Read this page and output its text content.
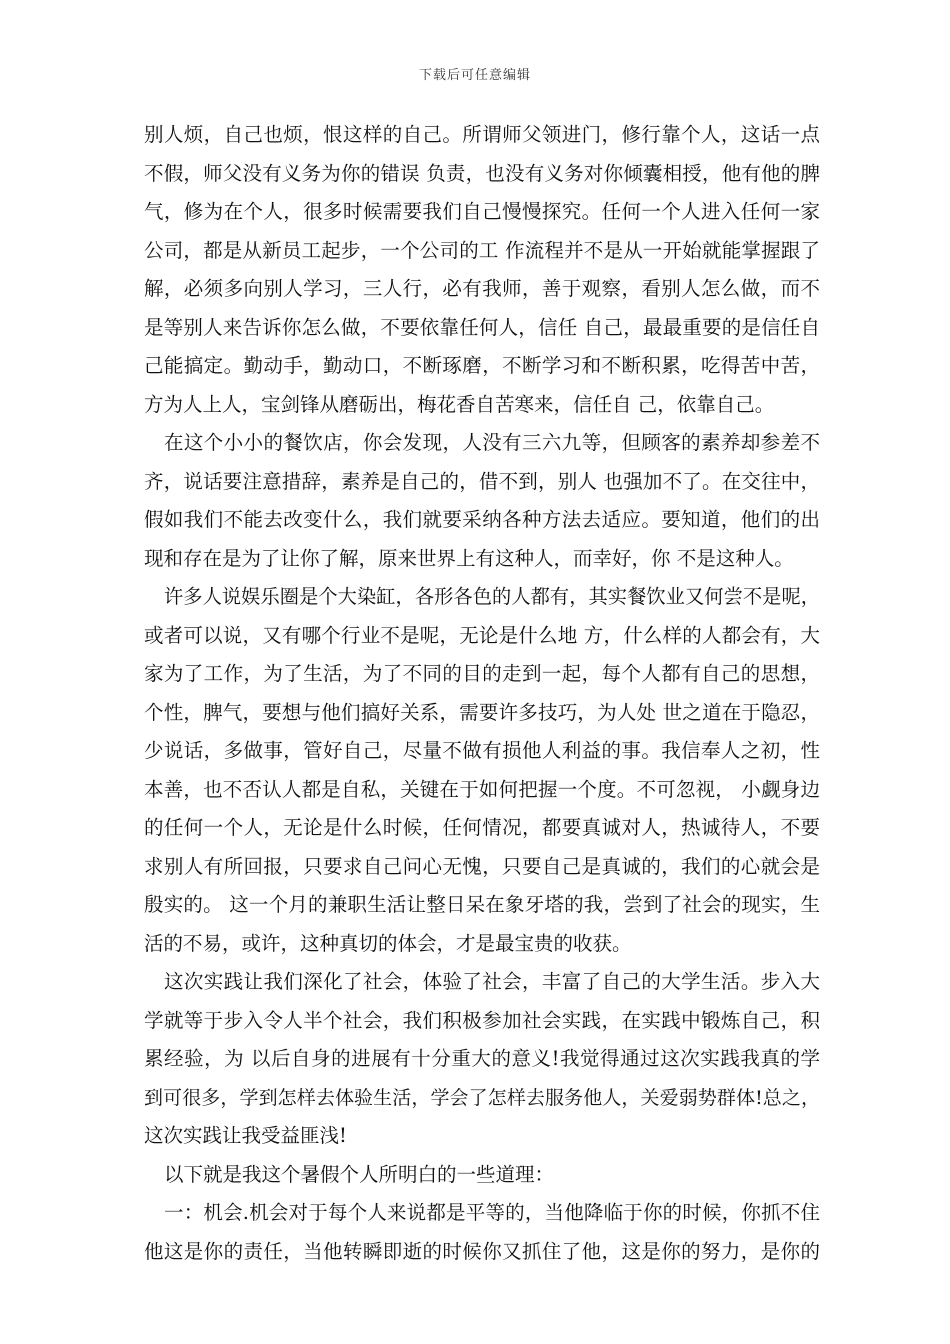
下载后可任意编辑
别人烦，自己也烦，恨这样的自己。所谓师父领进门，修行靠个人，这话一点
不假，师父没有义务为你的错误 负责，也没有义务对你倾囊相授，他有他的脾
气，修为在个人，很多时候需要我们自己慢慢探究。任何一个人进入任何一家
公司，都是从新员工起步，一个公司的工 作流程并不是从一开始就能掌握跟了
解，必须多向别人学习，三人行，必有我师，善于观察，看别人怎么做，而不
是等别人来告诉你怎么做，不要依靠任何人，信任 自己，最最重要的是信任自
己能搞定。勤动手，勤动口，不断琢磨，不断学习和不断积累，吃得苦中苦，
方为人上人，宝剑锋从磨砺出，梅花香自苦寒来，信任自 己，依靠自己。
在这个小小的餐饮店，你会发现，人没有三六九等，但顾客的素养却参差不
齐，说话要注意措辞，素养是自己的，借不到，别人 也强加不了。在交往中，
假如我们不能去改变什么，我们就要采纳各种方法去适应。要知道，他们的出
现和存在是为了让你了解，原来世界上有这种人，而幸好，你 不是这种人。
许多人说娱乐圈是个大染缸，各形各色的人都有，其实餐饮业又何尝不是呢，
或者可以说，又有哪个行业不是呢，无论是什么地 方，什么样的人都会有，大
家为了工作，为了生活，为了不同的目的走到一起，每个人都有自己的思想，
个性，脾气，要想与他们搞好关系，需要许多技巧，为人处 世之道在于隐忍，
少说话，多做事，管好自己，尽量不做有损他人利益的事。我信奉人之初，性
本善，也不否认人都是自私，关键在于如何把握一个度。不可忽视， 小觑身边
的任何一个人，无论是什么时候，任何情况，都要真诚对人，热诚待人，不要
求别人有所回报，只要求自己问心无愧，只要自己是真诚的，我们的心就会是
殷实的。 这一个月的兼职生活让整日呆在象牙塔的我，尝到了社会的现实，生
活的不易，或许，这种真切的体会，才是最宝贵的收获。
这次实践让我们深化了社会，体验了社会，丰富了自己的大学生活。步入大
学就等于步入令人半个社会，我们积极参加社会实践，在实践中锻炼自己，积
累经验，为 以后自身的进展有十分重大的意义!我觉得通过这次实践我真的学
到可很多，学到怎样去体验生活，学会了怎样去服务他人，关爱弱势群体!总之，
这次实践让我受益匪浅!
以下就是我这个暑假个人所明白的一些道理：
一：机会.机会对于每个人来说都是平等的，当他降临于你的时候，你抓不住
他这是你的责任，当他转瞬即逝的时候你又抓住了他，这是你的努力，是你的
